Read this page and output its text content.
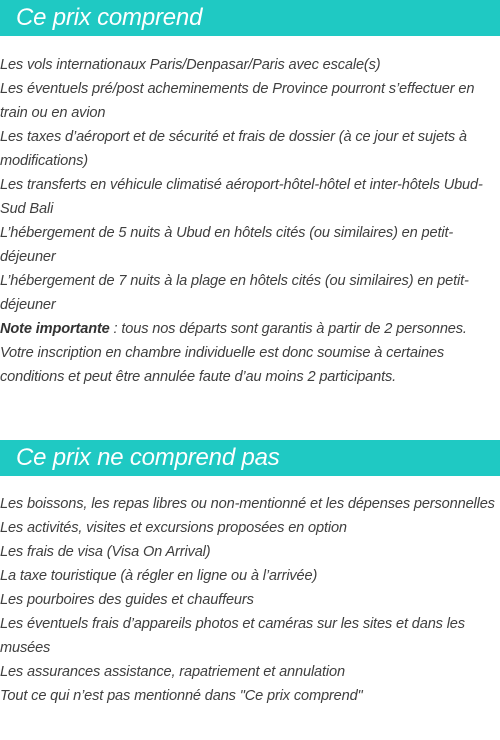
Ce prix comprend

Les vols internationaux Paris/Denpasar/Paris avec escale(s)

Les éventuels pré/post acheminements de Province pourront s’effectuer en train ou en avion

Les taxes d’aéroport et de sécurité et frais de dossier (à ce jour et sujets à modifications)

Les transferts en véhicule climatisé aéroport-hôtel-hôtel et inter-hôtels Ubud-Sud Bali

L’hébergement de 5 nuits à Ubud en hôtels cités (ou similaires) en petit-déjeuner

L’hébergement de 7 nuits à la plage en hôtels cités (ou similaires) en petit-déjeuner

Note importante : tous nos départs sont garantis à partir de 2 personnes. Votre inscription en chambre individuelle est donc soumise à certaines conditions et peut être annulée faute d’au moins 2 participants.

Ce prix ne comprend pas

Les boissons, les repas libres ou non-mentionné et les dépenses personnelles

Les activités, visites et excursions proposées en option

Les frais de visa (Visa On Arrival)

La taxe touristique (à régler en ligne ou à l’arrivée)

Les pourboires des guides et chauffeurs

Les éventuels frais d’appareils photos et caméras sur les sites et dans les musées

Les assurances assistance, rapatriement et annulation

Tout ce qui n’est pas mentionné dans "Ce prix comprend"
